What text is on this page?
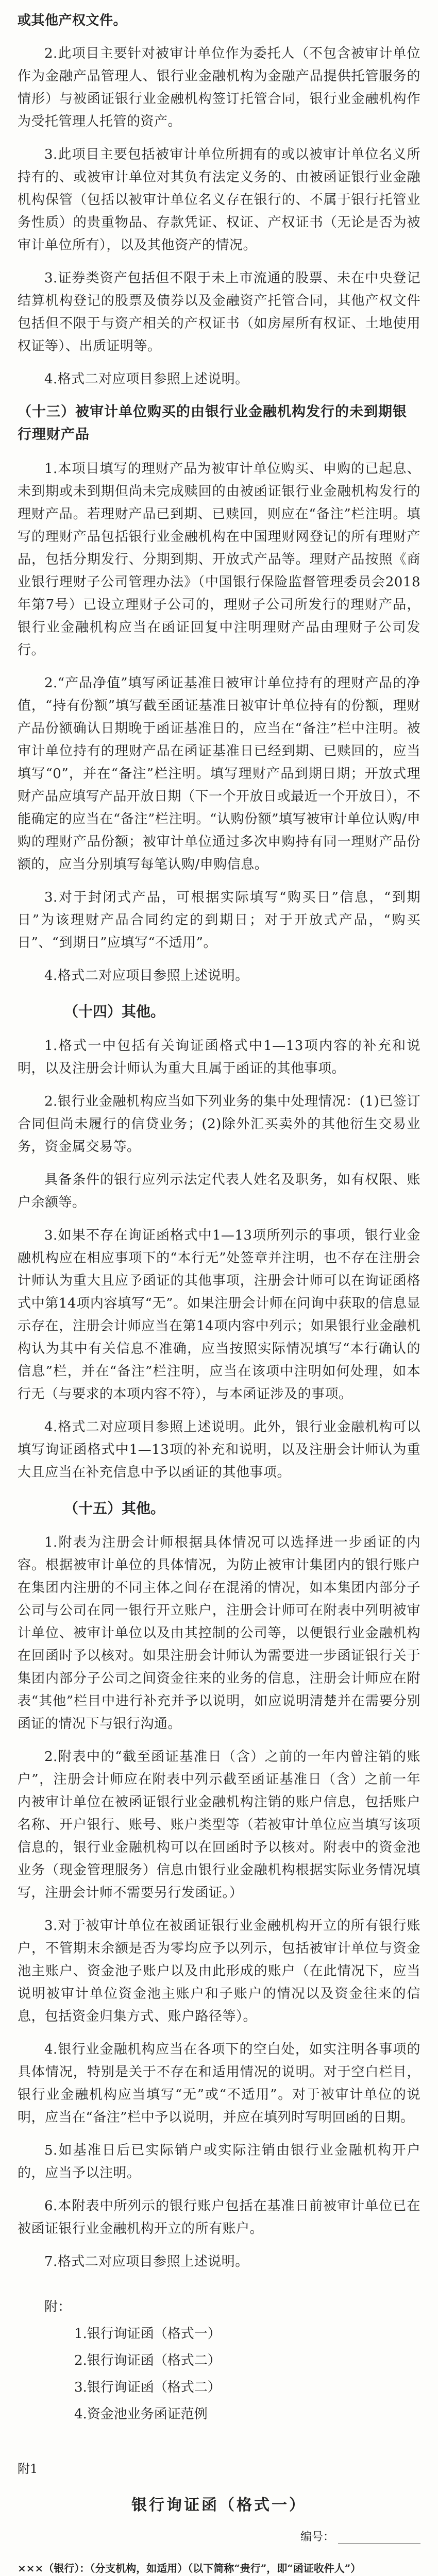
或其他产权文件。

2.此项目主要针对被审计单位作为委托人（不包含被审计单位作为金融产品管理人、银行业金融机构为金融产品提供托管服务的情形）与被函证银行业金融机构签订托管合同，银行业金融机构作为受托管理人托管的资产。

3.此项目主要包括被审计单位所拥有的或以被审计单位名义所持有的、或被审计单位对其负有法定义务的、由被函证银行业金融机构保管（包括以被审计单位名义存在银行的、不属于银行托管业务性质）的贵重物品、存款凭证、权证、产权证书（无论是否为被审计单位所有），以及其他资产的情况。

3.证券类资产包括但不限于未上市流通的股票、未在中央登记结算机构登记的股票及债券以及金融资产托管合同，其他产权文件包括但不限于与资产相关的产权证书（如房屋所有权证、土地使用权证等）、出质证明等。

4.格式二对应项目参照上述说明。

（十三）被审计单位购买的由银行业金融机构发行的未到期银行理财产品

1.本项目填写的理财产品为被审计单位购买、申购的已起息、未到期或未到期但尚未完成赎回的由被函证银行业金融机构发行的理财产品。若理财产品已到期、已赎回，则应在“备注”栏注明。填写的理财产品包括银行业金融机构在中国理财网登记的所有理财产品，包括分期发行、分期到期、开放式产品等。理财产品按照《商业银行理财子公司管理办法》（中国银行保险监督管理委员会2018年第7号）已设立理财子公司的，理财子公司所发行的理财产品，银行业金融机构应当在函证回复中注明理财产品由理财子公司发行。

2.“产品净值”填写函证基准日被审计单位持有的理财产品的净值，“持有份额”填写截至函证基准日被审计单位持有的份额，理财产品份额确认日期晚于函证基准日的，应当在“备注”栏中注明。被审计单位持有的理财产品在函证基准日已经到期、已赎回的，应当填写“0”，并在“备注”栏注明。填写理财产品到期日期；开放式理财产品应填写产品开放日期（下一个开放日或最近一个开放日），不能确定的应当在“备注”栏注明。“认购份额”填写被审计单位认购/申购的理财产品份额；被审计单位通过多次申购持有同一理财产品份额的，应当分别填写每笔认购/申购信息。

3.对于封闭式产品，可根据实际填写“购买日”信息，“到期日”为该理财产品合同约定的到期日；对于开放式产品，“购买日”、“到期日”应填写“不适用”。

4.格式二对应项目参照上述说明。

（十四）其他。

1.格式一中包括有关询证函格式中1—13项内容的补充和说明，以及注册会计师认为重大且属于函证的其他事项。

2.银行业金融机构应当如下列业务的集中处理情况：(1)已签订合同但尚未履行的信贷业务；(2)除外汇买卖外的其他衍生交易业务，资金属交易等。

具备条件的银行应列示法定代表人姓名及职务，如有权限、账户余额等。

3.如果不存在询证函格式中1—13项所列示的事项，银行业金融机构应在相应事项下的“本行无”处签章并注明，也不存在注册会计师认为重大且应予函证的其他事项，注册会计师可以在询证函格式中第14项内容填写“无”。如果注册会计师在问询中获取的信息显示存在，注册会计师应当在第14项内容中列示；如果银行业金融机构认为其中有关信息不准确，应当按照实际情况填写“本行确认的信息”栏，并在“备注”栏注明，应当在该项中注明如何处理，如本行无（与要求的本项内容不符），与本函证涉及的事项。

4.格式二对应项目参照上述说明。此外，银行业金融机构可以填写询证函格式中1—13项的补充和说明，以及注册会计师认为重大且应当在补充信息中予以函证的其他事项。

（十五）其他。

1.附表为注册会计师根据具体情况可以选择进一步函证的内容。根据被审计单位的具体情况，为防止被审计集团内的银行账户在集团内注册的不同主体之间存在混淆的情况，如本集团内部分子公司与公司在同一银行开立账户，注册会计师可在附表中列明被审计单位、被审计单位以及由其控制的公司等，以便银行业金融机构在回函时予以核对。如果注册会计师认为需要进一步函证银行关于集团内部分子公司之间资金往来的业务的信息，注册会计师应在附表“其他”栏目中进行补充并予以说明，如应说明清楚并在需要分别函证的情况下与银行沟通。

2.附表中的“截至函证基准日（含）之前的一年内曾注销的账户”，注册会计师应在附表中列示截至函证基准日（含）之前一年内被审计单位在被函证银行业金融机构注销的账户信息，包括账户名称、开户银行、账号、账户类型等（若被审计单位应当填写该项信息的，银行业金融机构可以在回函时予以核对。附表中的资金池业务（现金管理服务）信息由银行业金融机构根据实际业务情况填写，注册会计师不需要另行发函证。）

3.对于被审计单位在被函证银行业金融机构开立的所有银行账户，不管期末余额是否为零均应予以列示，包括被审计单位与资金池主账户、资金池子账户以及由此形成的账户（在此情况下，应当说明被审计单位资金池主账户和子账户的情况以及资金往来的信息，包括资金归集方式、账户路径等）。

4.银行业金融机构应当在各项下的空白处，如实注明各事项的具体情况，特别是关于不存在和适用情况的说明。对于空白栏目，银行业金融机构应当填写“无”或“不适用”。对于被审计单位的说明，应当在“备注”栏中予以说明，并应在填列时写明回函的日期。

5.如基准日后已实际销户或实际注销由银行业金融机构开户的，应当予以注明。

6.本附表中所列示的银行账户包括在基准日前被审计单位已在被函证银行业金融机构开立的所有账户。

7.格式二对应项目参照上述说明。

附：
1.银行询证函（格式一）
2.银行询证函（格式二）
3.银行询证函（格式二）
4.资金池业务函证范例
附1
银行询证函（格式一）
编号：

×××（银行）：（分支机构，如适用）（以下简称“贵行”，即“函证收件人”）
